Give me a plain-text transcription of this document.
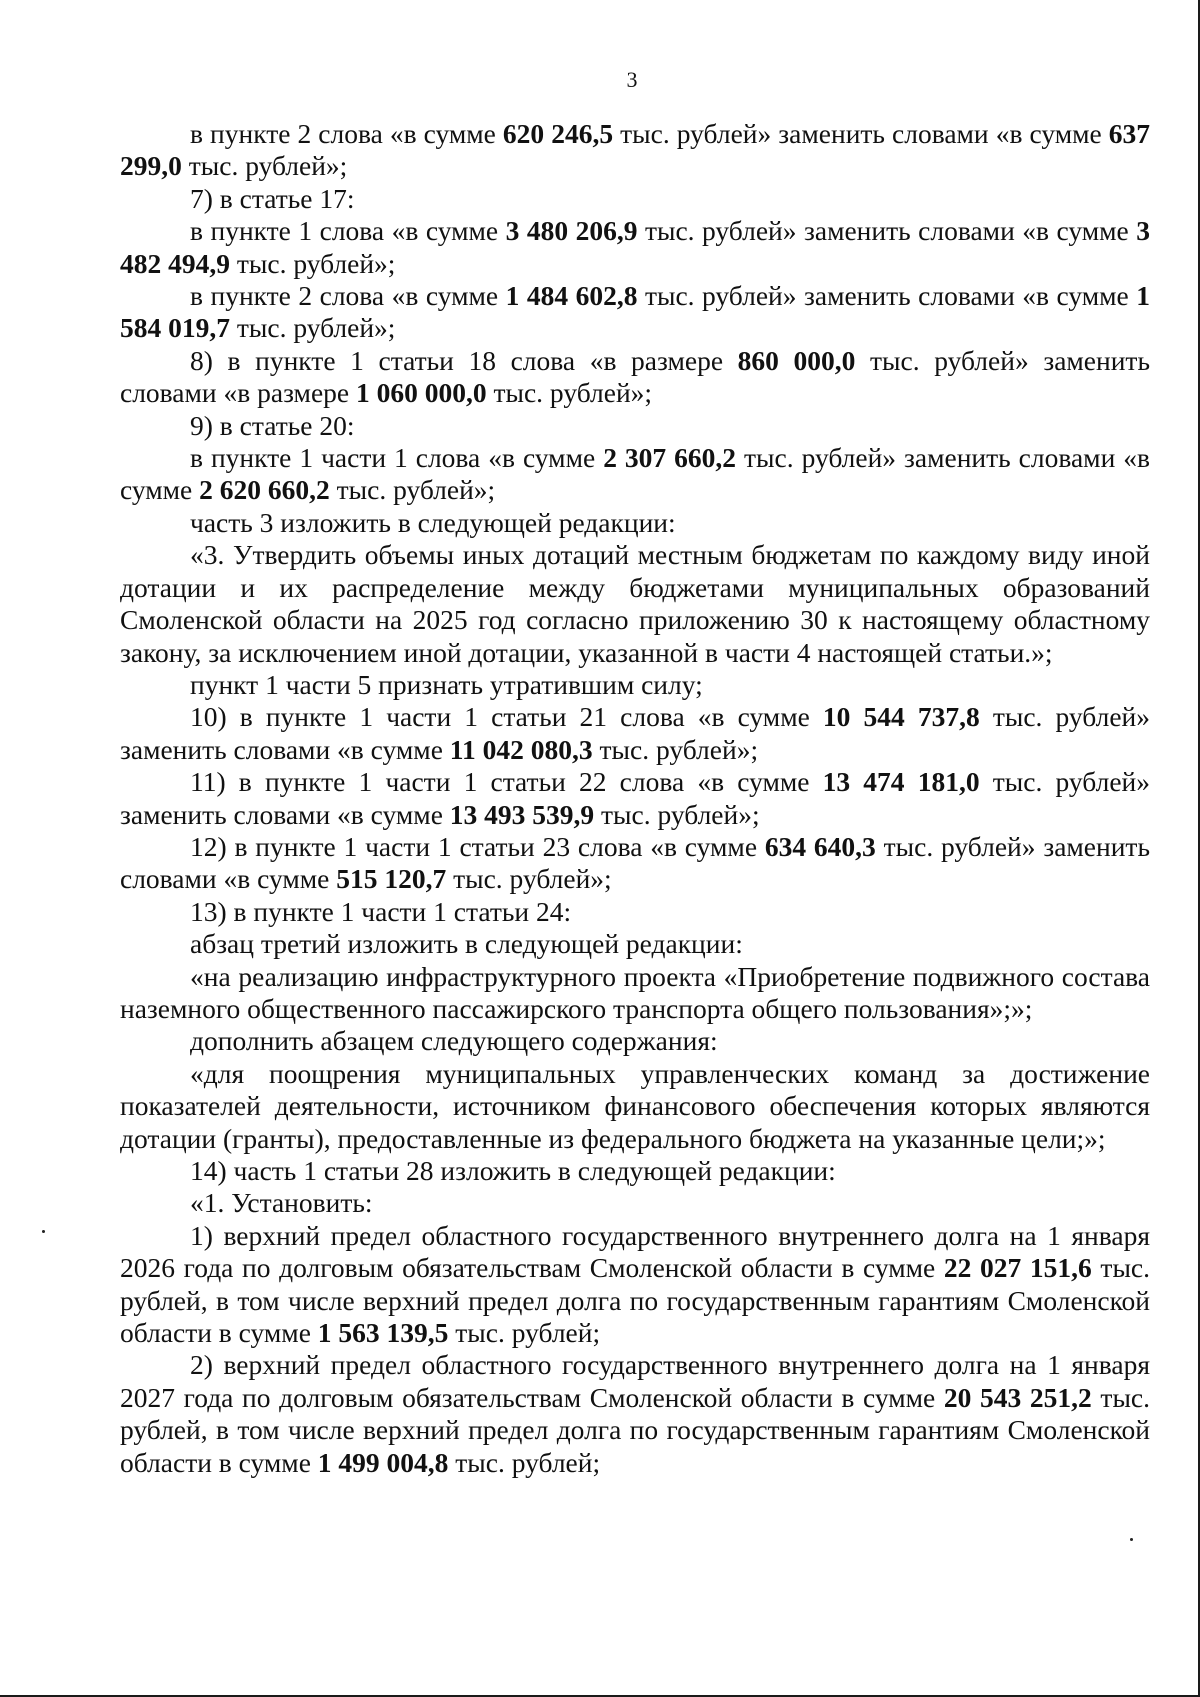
3

в пункте 2 слова «в сумме 620 246,5 тыс. рублей» заменить словами «в сумме 637 299,0 тыс. рублей»;

7) в статье 17:

в пункте 1 слова «в сумме 3 480 206,9 тыс. рублей» заменить словами «в сумме 3 482 494,9 тыс. рублей»;

в пункте 2 слова «в сумме 1 484 602,8 тыс. рублей» заменить словами «в сумме 1 584 019,7 тыс. рублей»;

8) в пункте 1 статьи 18 слова «в размере 860 000,0 тыс. рублей» заменить словами «в размере 1 060 000,0 тыс. рублей»;

9) в статье 20:

в пункте 1 части 1 слова «в сумме 2 307 660,2 тыс. рублей» заменить словами «в сумме 2 620 660,2 тыс. рублей»;

часть 3 изложить в следующей редакции:

«3. Утвердить объемы иных дотаций местным бюджетам по каждому виду иной дотации и их распределение между бюджетами муниципальных образований Смоленской области на 2025 год согласно приложению 30 к настоящему областному закону, за исключением иной дотации, указанной в части 4 настоящей статьи.»;

пункт 1 части 5 признать утратившим силу;

10) в пункте 1 части 1 статьи 21 слова «в сумме 10 544 737,8 тыс. рублей» заменить словами «в сумме 11 042 080,3 тыс. рублей»;

11) в пункте 1 части 1 статьи 22 слова «в сумме 13 474 181,0 тыс. рублей» заменить словами «в сумме 13 493 539,9 тыс. рублей»;

12) в пункте 1 части 1 статьи 23 слова «в сумме 634 640,3 тыс. рублей» заменить словами «в сумме 515 120,7 тыс. рублей»;

13) в пункте 1 части 1 статьи 24:

абзац третий изложить в следующей редакции:

«на реализацию инфраструктурного проекта «Приобретение подвижного состава наземного общественного пассажирского транспорта общего пользования»;»;

дополнить абзацем следующего содержания:

«для поощрения муниципальных управленческих команд за достижение показателей деятельности, источником финансового обеспечения которых являются дотации (гранты), предоставленные из федерального бюджета на указанные цели;»;

14) часть 1 статьи 28 изложить в следующей редакции:

«1. Установить:

1) верхний предел областного государственного внутреннего долга на 1 января 2026 года по долговым обязательствам Смоленской области в сумме 22 027 151,6 тыс. рублей, в том числе верхний предел долга по государственным гарантиям Смоленской области в сумме 1 563 139,5 тыс. рублей;

2) верхний предел областного государственного внутреннего долга на 1 января 2027 года по долговым обязательствам Смоленской области в сумме 20 543 251,2 тыс. рублей, в том числе верхний предел долга по государственным гарантиям Смоленской области в сумме 1 499 004,8 тыс. рублей;
